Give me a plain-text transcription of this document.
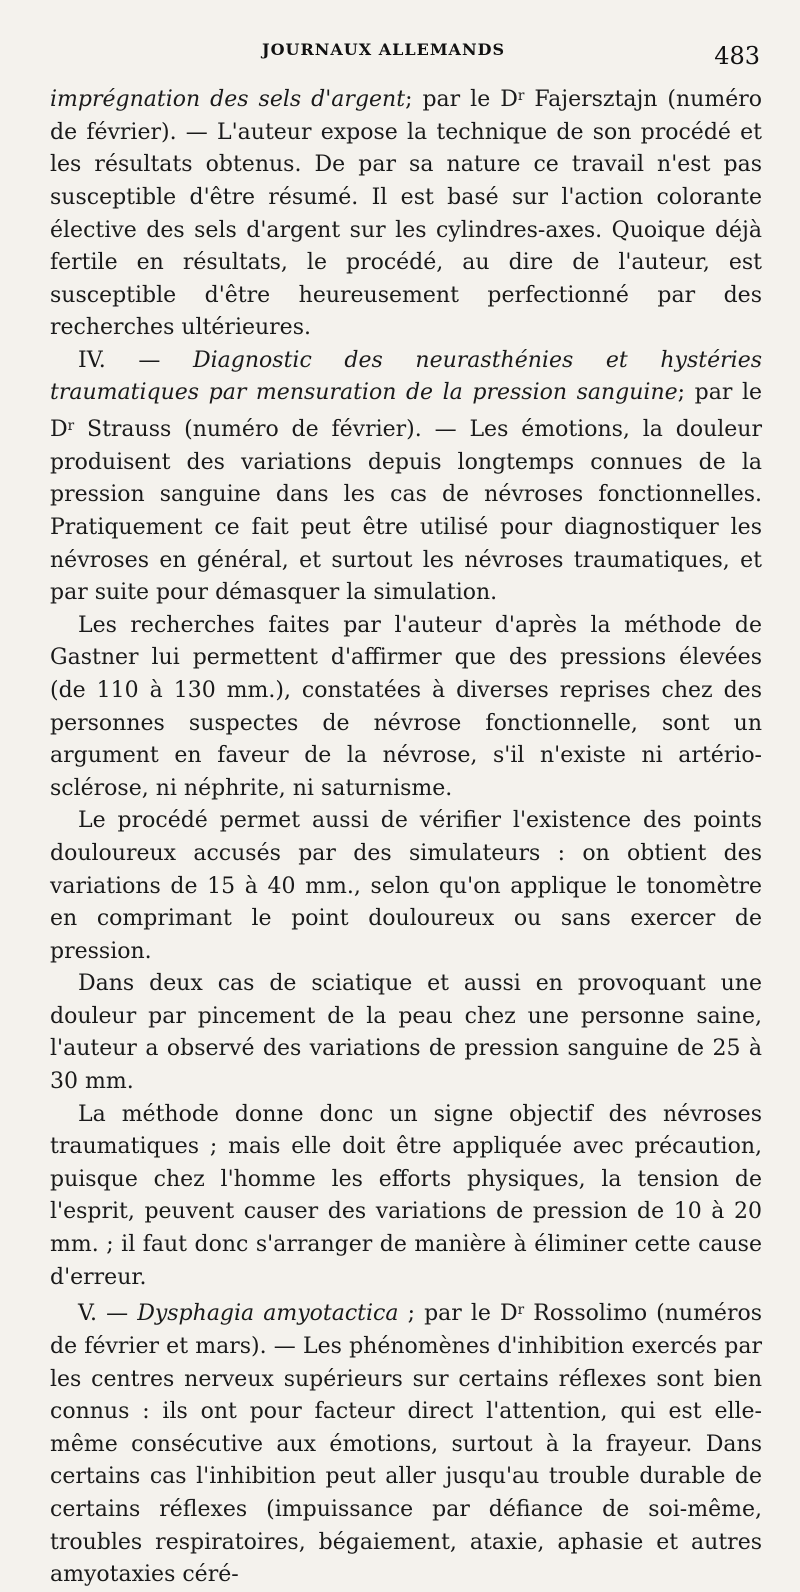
JOURNAUX ALLEMANDS	483

imprégnation des sels d'argent; par le $D^r$ Fajersztajn (numéro de février). — L'auteur expose la technique de son procédé et les résultats obtenus. De par sa nature ce travail n'est pas susceptible d'être résumé. Il est basé sur l'action colorante élective des sels d'argent sur les cylindres-axes. Quoique déjà fertile en résultats, le procédé, au dire de l'auteur, est susceptible d'être heureusement perfectionné par des recherches ultérieures.

IV. — Diagnostic des neurasthénies et hystéries traumatiques par mensuration de la pression sanguine; par le $D^r$ Strauss (numéro de février). — Les émotions, la douleur produisent des variations depuis longtemps connues de la pression sanguine dans les cas de névroses fonctionnelles. Pratiquement ce fait peut être utilisé pour diagnostiquer les névroses en général, et surtout les névroses traumatiques, et par suite pour démasquer la simulation.

Les recherches faites par l'auteur d'après la méthode de Gastner lui permettent d'affirmer que des pressions élevées (de 110 à 130 mm.), constatées à diverses reprises chez des personnes suspectes de névrose fonctionnelle, sont un argument en faveur de la névrose, s'il n'existe ni artério-sclérose, ni néphrite, ni saturnisme.

Le procédé permet aussi de vérifier l'existence des points douloureux accusés par des simulateurs : on obtient des variations de 15 à 40 mm., selon qu'on applique le tonomètre en comprimant le point douloureux ou sans exercer de pression.

Dans deux cas de sciatique et aussi en provoquant une douleur par pincement de la peau chez une personne saine, l'auteur a observé des variations de pression sanguine de 25 à 30 mm.

La méthode donne donc un signe objectif des névroses traumatiques ; mais elle doit être appliquée avec précaution, puisque chez l'homme les efforts physiques, la tension de l'esprit, peuvent causer des variations de pression de 10 à 20 mm. ; il faut donc s'arranger de manière à éliminer cette cause d'erreur.

V. — Dysphagia amyotactica ; par le $D^r$ Rossolimo (numéros de février et mars). — Les phénomènes d'inhibition exercés par les centres nerveux supérieurs sur certains réflexes sont bien connus : ils ont pour facteur direct l'attention, qui est elle-même consécutive aux émotions, surtout à la frayeur. Dans certains cas l'inhibition peut aller jusqu'au trouble durable de certains réflexes (impuissance par défiance de soi-même, troubles respiratoires, bégaiement, ataxie, aphasie et autres amyotaxies céré-
